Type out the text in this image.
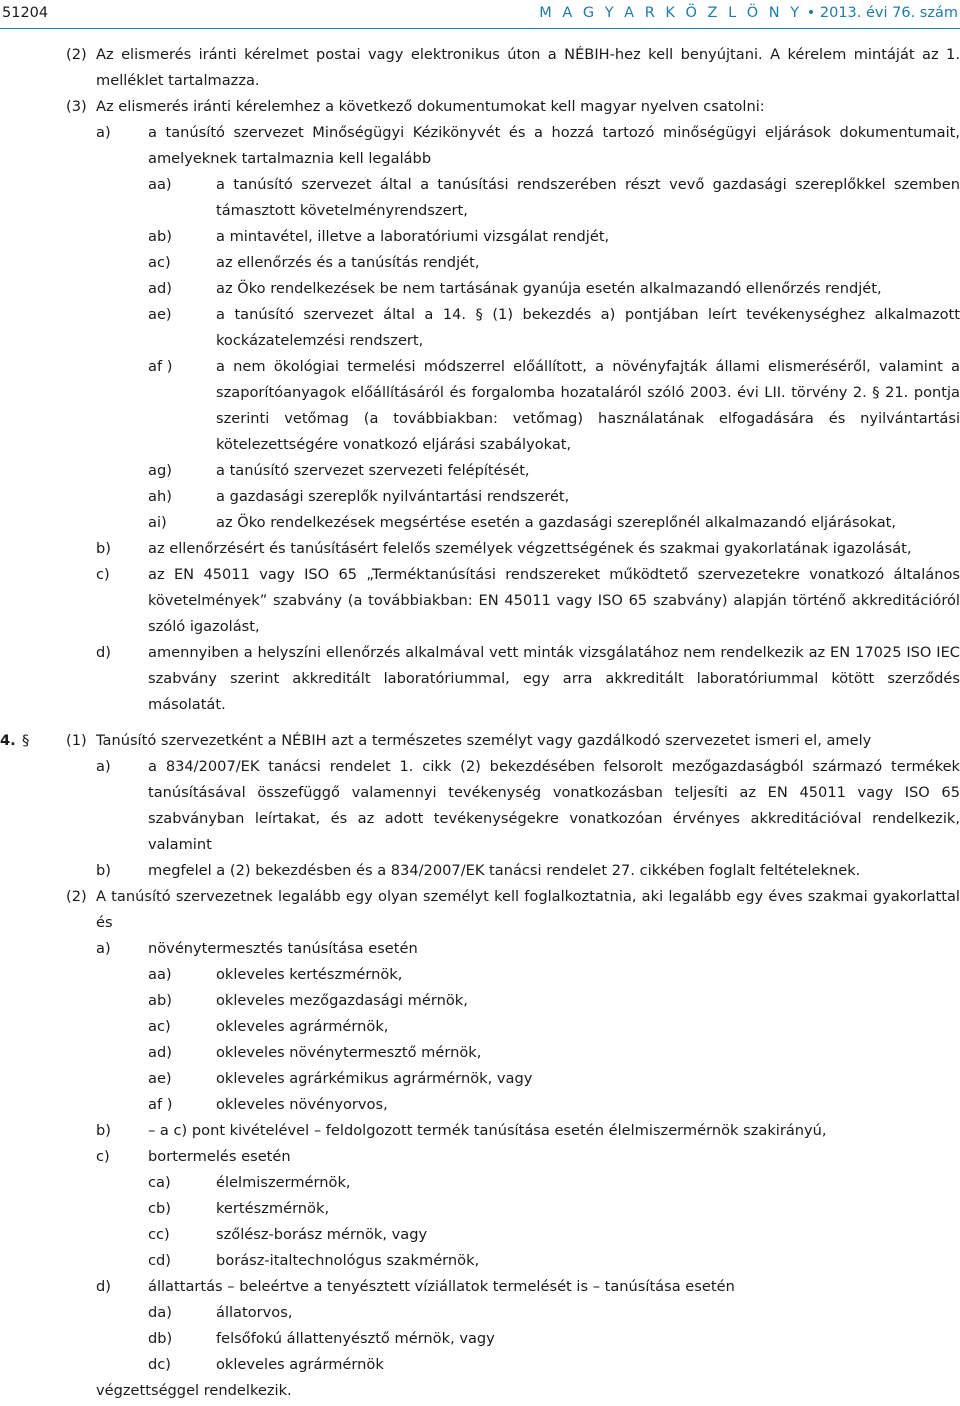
51204	M A G Y A R K Ö Z L Ö N Y • 2013. évi 76. szám
(2) Az elismerés iránti kérelmet postai vagy elektronikus úton a NÉBIH-hez kell benyújtani. A kérelem mintáját az 1. melléklet tartalmazza.
(3) Az elismerés iránti kérelemhez a következő dokumentumokat kell magyar nyelven csatolni:
a)	a tanúsító szervezet Minőségügyi Kézikönyvét és a hozzá tartozó minőségügyi eljárások dokumentumait, amelyeknek tartalmaznia kell legalább
aa)	a tanúsító szervezet által a tanúsítási rendszerében részt vevő gazdasági szereplőkkel szemben támasztott követelményrendszert,
ab)	a mintavétel, illetve a laboratóriumi vizsgálat rendjét,
ac)	az ellenőrzés és a tanúsítás rendjét,
ad)	az Öko rendelkezések be nem tartásának gyanúja esetén alkalmazandó ellenőrzés rendjét,
ae)	a tanúsító szervezet által a 14. § (1) bekezdés a) pontjában leírt tevékenységhez alkalmazott kockázatelemzési rendszert,
af )	a nem ökológiai termelési módszerrel előállított, a növényfajták állami elismeréséről, valamint a szaporítóanyagok előállításáról és forgalomba hozataláról szóló 2003. évi LII. törvény 2. § 21. pontja szerinti vetőmag (a továbbiakban: vetőmag) használatának elfogadására és nyilvántartási kötelezettségére vonatkozó eljárási szabályokat,
ag)	a tanúsító szervezet szervezeti felépítését,
ah)	a gazdasági szereplők nyilvántartási rendszerét,
ai)	az Öko rendelkezések megsértése esetén a gazdasági szereplőnél alkalmazandó eljárásokat,
b)	az ellenőrzésért és tanúsításért felelős személyek végzettségének és szakmai gyakorlatának igazolását,
c)	az EN 45011 vagy ISO 65 „Terméktanúsítási rendszereket működtető szervezetekre vonatkozó általános követelmények” szabvány (a továbbiakban: EN 45011 vagy ISO 65 szabvány) alapján történő akkreditációról szóló igazolást,
d)	amennyiben a helyszíni ellenőrzés alkalmával vett minták vizsgálatához nem rendelkezik az EN 17025 ISO IEC szabvány szerint akkreditált laboratóriummal, egy arra akkreditált laboratóriummal kötött szerződés másolatát.
4. §	(1) Tanúsító szervezetként a NÉBIH azt a természetes személyt vagy gazdálkodó szervezetet ismeri el, amely
a)	a 834/2007/EK tanácsi rendelet 1. cikk (2) bekezdésében felsorolt mezőgazdaságból származó termékek tanúsításával összefüggő valamennyi tevékenység vonatkozásban teljesíti az EN 45011 vagy ISO 65 szabványban leírtakat, és az adott tevékenységekre vonatkozóan érvényes akkreditációval rendelkezik, valamint
b)	megfelel a (2) bekezdésben és a 834/2007/EK tanácsi rendelet 27. cikkében foglalt feltételeknek.
(2) A tanúsító szervezetnek legalább egy olyan személyt kell foglalkoztatnia, aki legalább egy éves szakmai gyakorlattal és
a)	növénytermesztés tanúsítása esetén
aa)	okleveles kertészmérnök,
ab)	okleveles mezőgazdasági mérnök,
ac)	okleveles agrármérnök,
ad)	okleveles növénytermesztő mérnök,
ae)	okleveles agrárkémikus agrármérnök, vagy
af )	okleveles növényorvos,
b)	– a c) pont kivételével – feldolgozott termék tanúsítása esetén élelmiszermérnök szakirányú,
c)	bortermelés esetén
ca)	élelmiszermérnök,
cb)	kertészmérnök,
cc)	szőlész-borász mérnök, vagy
cd)	borász-italtechnológus szakmérnök,
d)	állattartás – beleértve a tenyésztett víziállatok termelését is – tanúsítása esetén
da)	állatorvos,
db)	felsőfokú állattenyésztő mérnök, vagy
dc)	okleveles agrármérnök
végzettséggel rendelkezik.
